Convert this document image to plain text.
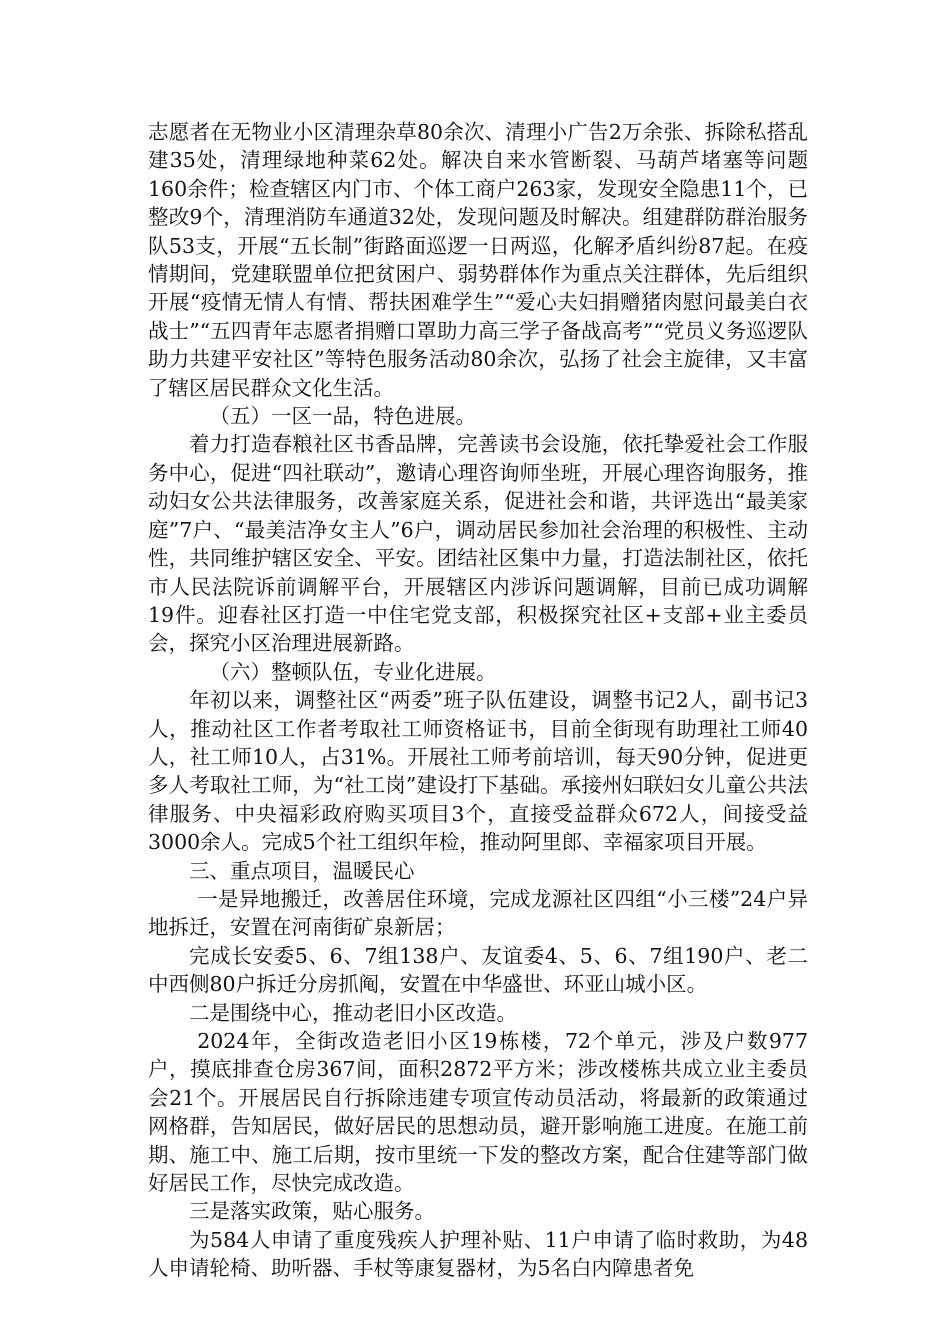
志愿者在无物业小区清理杂草80余次、清理小广告2万余张、拆除私搭乱建35处，清理绿地种菜62处。解决自来水管断裂、马葫芦堵塞等问题160余件；检查辖区内门市、个体工商户263家，发现安全隐患11个，已整改9个，清理消防车通道32处，发现问题及时解决。组建群防群治服务队53支，开展“五长制”街路面巡逻一日两巡，化解矛盾纠纷87起。在疫情期间，党建联盟单位把贫困户、弱势群体作为重点关注群体，先后组织开展“疫情无情人有情、帮扶困难学生”“爱心夫妇捐赠猪肉慰问最美白衣战士”“五四青年志愿者捐赠口罩助力高三学子备战高考”“党员义务巡逻队助力共建平安社区”等特色服务活动80余次，弘扬了社会主旋律，又丰富了辖区居民群众文化生活。

（五）一区一品，特色进展。

着力打造春粮社区书香品牌，完善读书会设施，依托挚爱社会工作服务中心，促进“四社联动”，邀请心理咨询师坐班，开展心理咨询服务，推动妇女公共法律服务，改善家庭关系，促进社会和谐，共评选出“最美家庭”7户、“最美洁净女主人”6户，调动居民参加社会治理的积极性、主动性，共同维护辖区安全、平安。团结社区集中力量，打造法制社区，依托市人民法院诉前调解平台，开展辖区内涉诉问题调解，目前已成功调解19件。迎春社区打造一中住宅党支部，积极探究社区+支部+业主委员会，探究小区治理进展新路。

（六）整顿队伍，专业化进展。

年初以来，调整社区“两委”班子队伍建设，调整书记2人，副书记3人，推动社区工作者考取社工师资格证书，目前全街现有助理社工师40人，社工师10人，占31%。开展社工师考前培训，每天90分钟，促进更多人考取社工师，为“社工岗”建设打下基础。承接州妇联妇女儿童公共法律服务、中央福彩政府购买项目3个，直接受益群众672人，间接受益3000余人。完成5个社工组织年检，推动阿里郎、幸福家项目开展。

三、重点项目，温暖民心

一是异地搬迁，改善居住环境，完成龙源社区四组“小三楼”24户异地拆迁，安置在河南街矿泉新居；

完成长安委5、6、7组138户、友谊委4、5、6、7组190户、老二中西侧80户拆迁分房抓阄，安置在中华盛世、环亚山城小区。

二是围绕中心，推动老旧小区改造。

2024年，全街改造老旧小区19栋楼，72个单元，涉及户数977户，摸底排查仓房367间，面积2872平方米；涉改楼栋共成立业主委员会21个。开展居民自行拆除违建专项宣传动员活动，将最新的政策通过网格群，告知居民，做好居民的思想动员，避开影响施工进度。在施工前期、施工中、施工后期，按市里统一下发的整改方案，配合住建等部门做好居民工作，尽快完成改造。

三是落实政策，贴心服务。

为584人申请了重度残疾人护理补贴、11户申请了临时救助，为48人申请轮椅、助听器、手杖等康复器材，为5名白内障患者免
